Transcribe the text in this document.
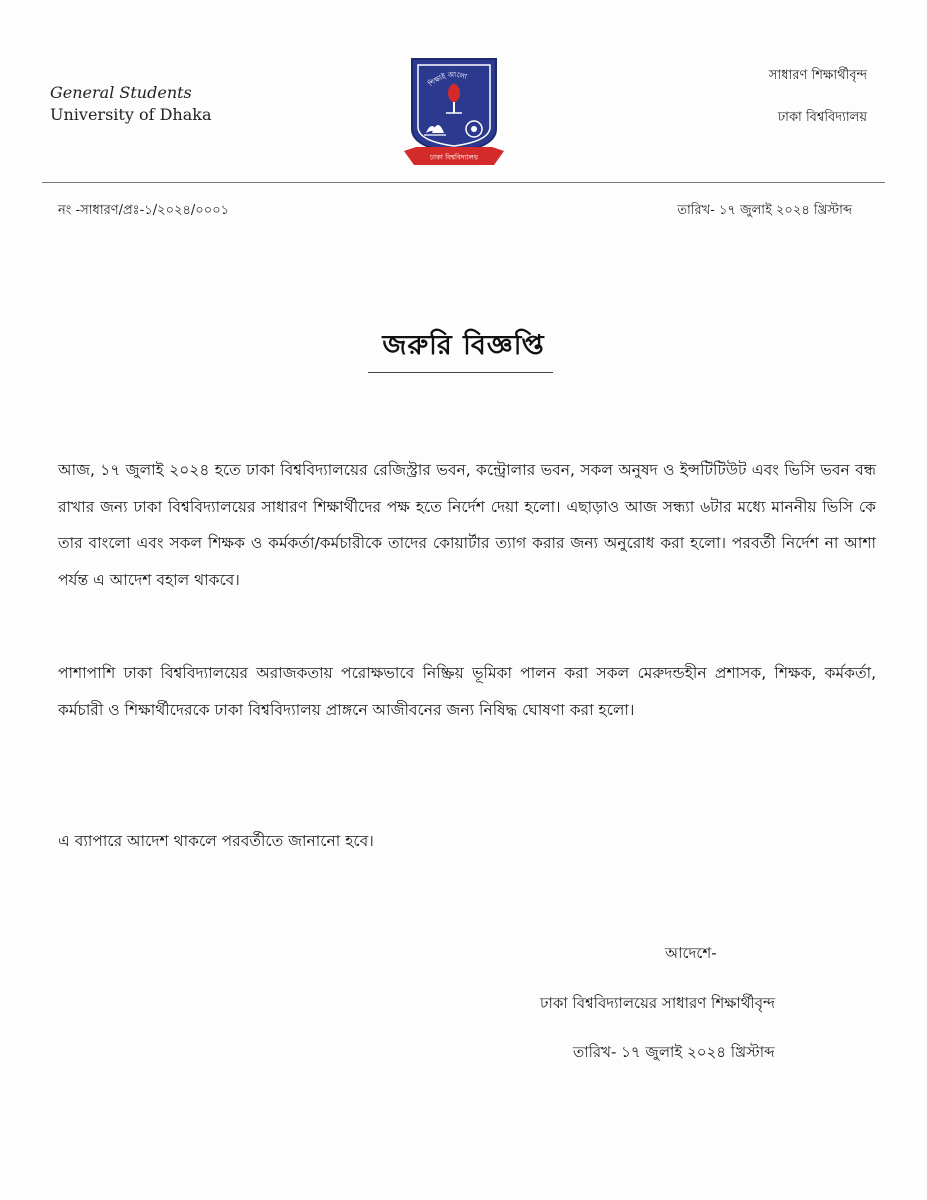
General Students
University of Dhaka
শিক্ষাই আলো
ঢাকা বিশ্ববিদ্যালয়
সাধারণ শিক্ষার্থীবৃন্দ
ঢাকা বিশ্ববিদ্যালয়
নং -সাধারণ/প্রঃ-১/২০২৪/০০০১	তারিখ- ১৭ জুলাই ২০২৪ খ্রিস্টাব্দ
জরুরি বিজ্ঞপ্তি
আজ, ১৭ জুলাই ২০২৪ হতে ঢাকা বিশ্ববিদ্যালয়ের রেজিস্ট্রার ভবন, কন্ট্রোলার ভবন, সকল অনুষদ ও ইন্সটিটিউট এবং ভিসি ভবন বন্ধ রাখার জন্য ঢাকা বিশ্ববিদ্যালয়ের সাধারণ শিক্ষার্থীদের পক্ষ হতে নির্দেশ দেয়া হলো। এছাড়াও আজ সন্ধ্যা ৬টার মধ্যে মাননীয় ভিসি কে তার বাংলো এবং সকল শিক্ষক ও কর্মকর্তা/কর্মচারীকে তাদের কোয়ার্টার ত্যাগ করার জন্য অনুরোধ করা হলো। পরবর্তী নির্দেশ না আশা পর্যন্ত এ আদেশ বহাল থাকবে।
পাশাপাশি ঢাকা বিশ্ববিদ্যালয়ের অরাজকতায় পরোক্ষভাবে নিষ্ক্রিয় ভূমিকা পালন করা সকল মেরুদন্ডহীন প্রশাসক, শিক্ষক, কর্মকর্তা, কর্মচারী ও শিক্ষার্থীদেরকে ঢাকা বিশ্ববিদ্যালয় প্রাঙ্গনে আজীবনের জন্য নিষিদ্ধ ঘোষণা করা হলো।
এ ব্যাপারে আদেশ থাকলে পরবর্তীতে জানানো হবে।
আদেশে-
ঢাকা বিশ্ববিদ্যালয়ের সাধারণ শিক্ষার্থীবৃন্দ
তারিখ- ১৭ জুলাই ২০২৪ খ্রিস্টাব্দ
